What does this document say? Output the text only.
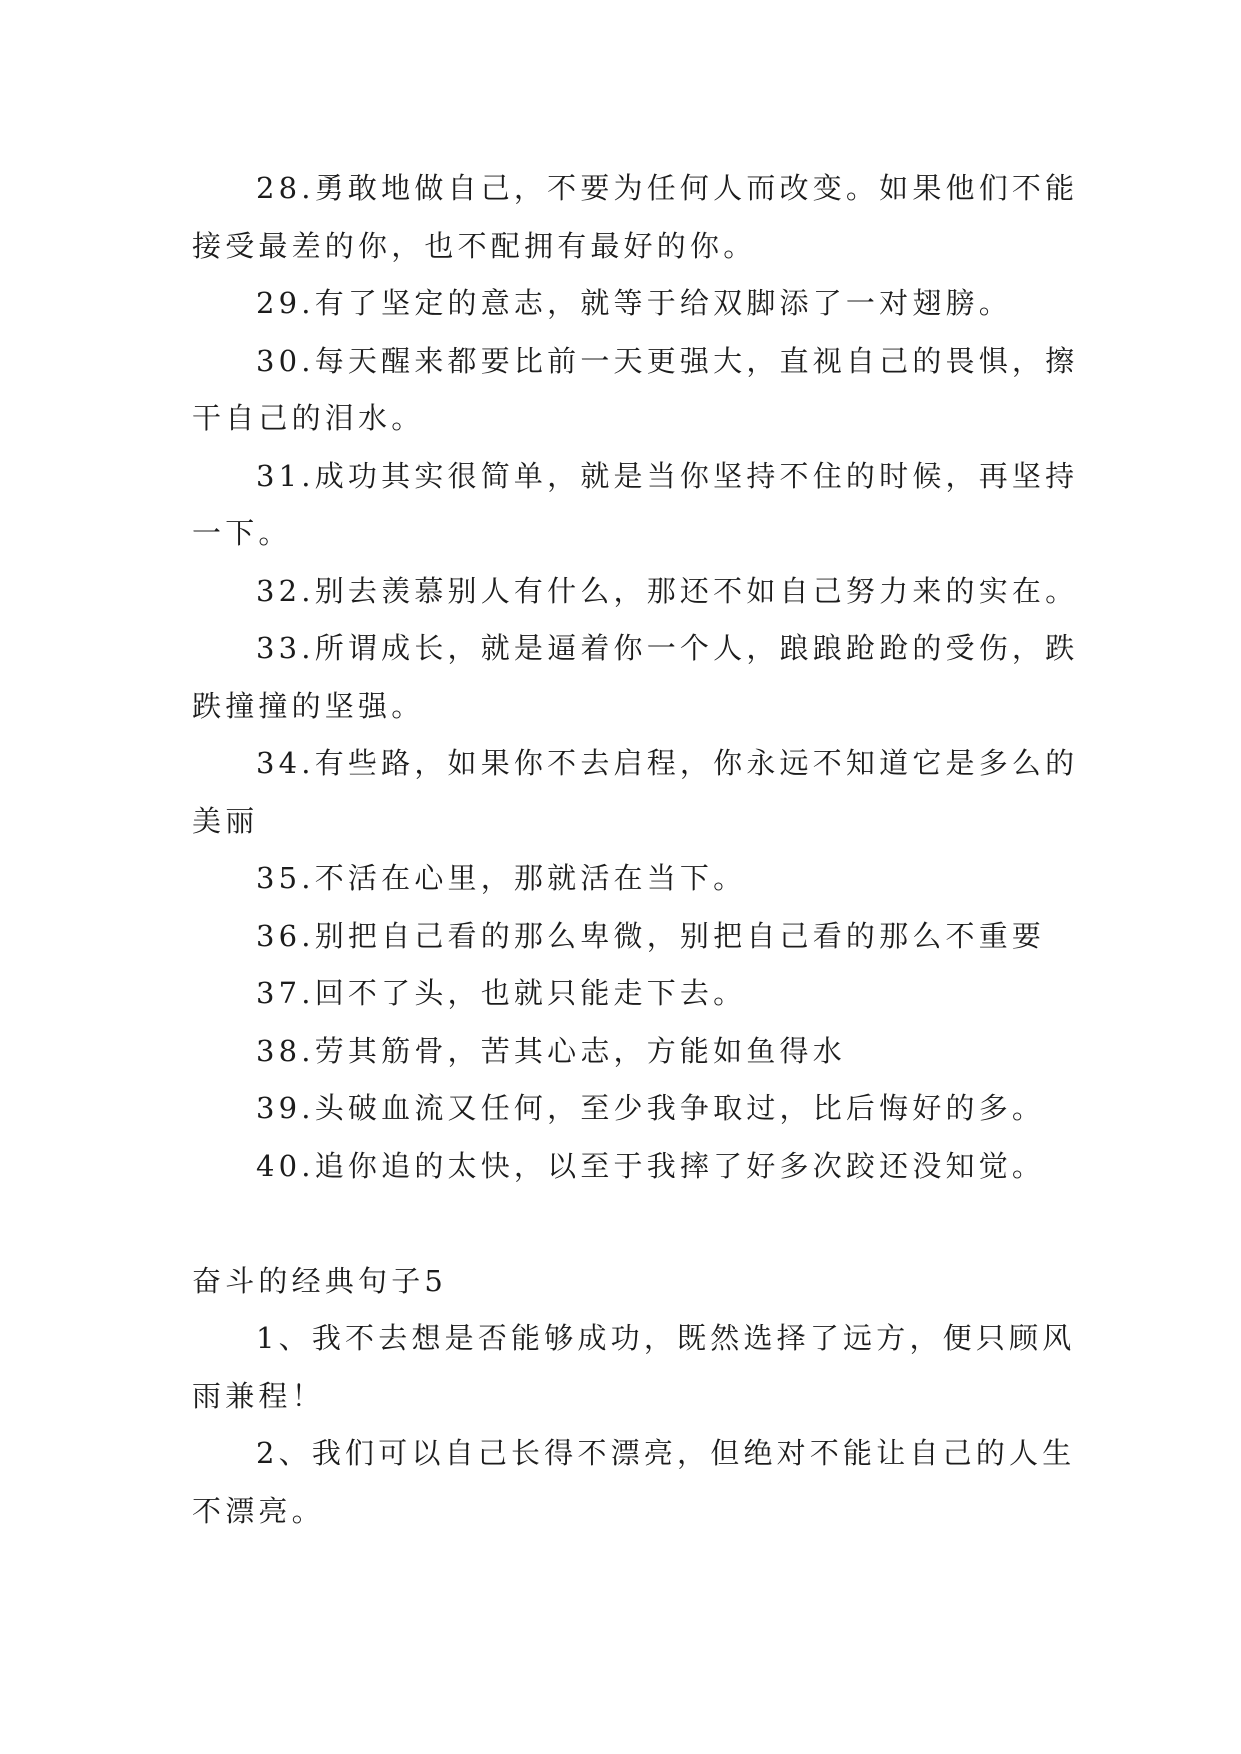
28.勇敢地做自己，不要为任何人而改变。如果他们不能接受最差的你，也不配拥有最好的你。

29.有了坚定的意志，就等于给双脚添了一对翅膀。

30.每天醒来都要比前一天更强大，直视自己的畏惧，擦干自己的泪水。

31.成功其实很简单，就是当你坚持不住的时候，再坚持一下。

32.别去羡慕别人有什么，那还不如自己努力来的实在。

33.所谓成长，就是逼着你一个人，踉踉跄跄的受伤，跌跌撞撞的坚强。

34.有些路，如果你不去启程，你永远不知道它是多么的美丽

35.不活在心里，那就活在当下。

36.别把自己看的那么卑微，别把自己看的那么不重要

37.回不了头，也就只能走下去。

38.劳其筋骨，苦其心志，方能如鱼得水

39.头破血流又任何，至少我争取过，比后悔好的多。

40.追你追的太快，以至于我摔了好多次跤还没知觉。

奋斗的经典句子5

1、我不去想是否能够成功，既然选择了远方，便只顾风雨兼程！

2、我们可以自己长得不漂亮，但绝对不能让自己的人生不漂亮。
